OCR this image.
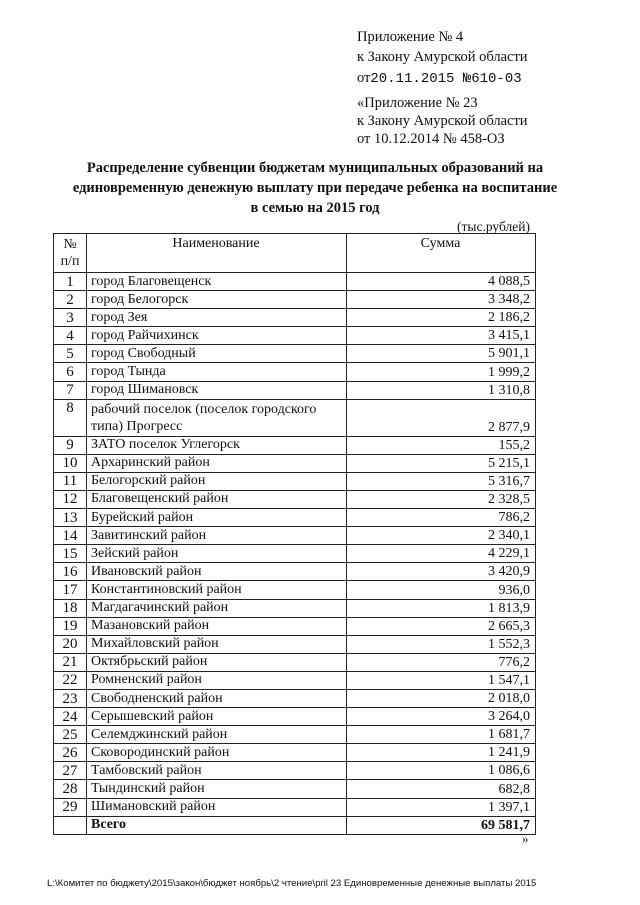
Приложение № 4
к Закону Амурской области
от20.11.2015 №610-03
«Приложение № 23
к Закону Амурской области
от 10.12.2014 № 458-ОЗ
Распределение субвенции бюджетам муниципальных образований на
единовременную денежную выплату при передаче ребенка на воспитание
в семью на 2015 год
(тыс.рублей)
№
п/п	Наименование	Сумма
1	город Благовещенск	4 088,5
2	город Белогорск	3 348,2
3	город Зея	2 186,2
4	город Райчихинск	3 415,1
5	город Свободный	5 901,1
6	город Тында	1 999,2
7	город Шимановск	1 310,8
8	рабочий поселок (поселок городского типа) Прогресс	2 877,9
9	ЗАТО поселок Углегорск	155,2
10	Архаринский район	5 215,1
11	Белогорский район	5 316,7
12	Благовещенский район	2 328,5
13	Бурейский район	786,2
14	Завитинский район	2 340,1
15	Зейский район	4 229,1
16	Ивановский район	3 420,9
17	Константиновский район	936,0
18	Магдагачинский район	1 813,9
19	Мазановский район	2 665,3
20	Михайловский район	1 552,3
21	Октябрьский район	776,2
22	Ромненский район	1 547,1
23	Свободненский район	2 018,0
24	Серышевский район	3 264,0
25	Селемджинский район	1 681,7
26	Сковородинский район	1 241,9
27	Тамбовский район	1 086,6
28	Тындинский район	682,8
29	Шимановский район	1 397,1
	Всего	69 581,7
»
L:\Комитет по бюджету\2015\закон\бюджет ноябрь\2 чтение\pril 23 Единовременные денежные выплаты 2015
